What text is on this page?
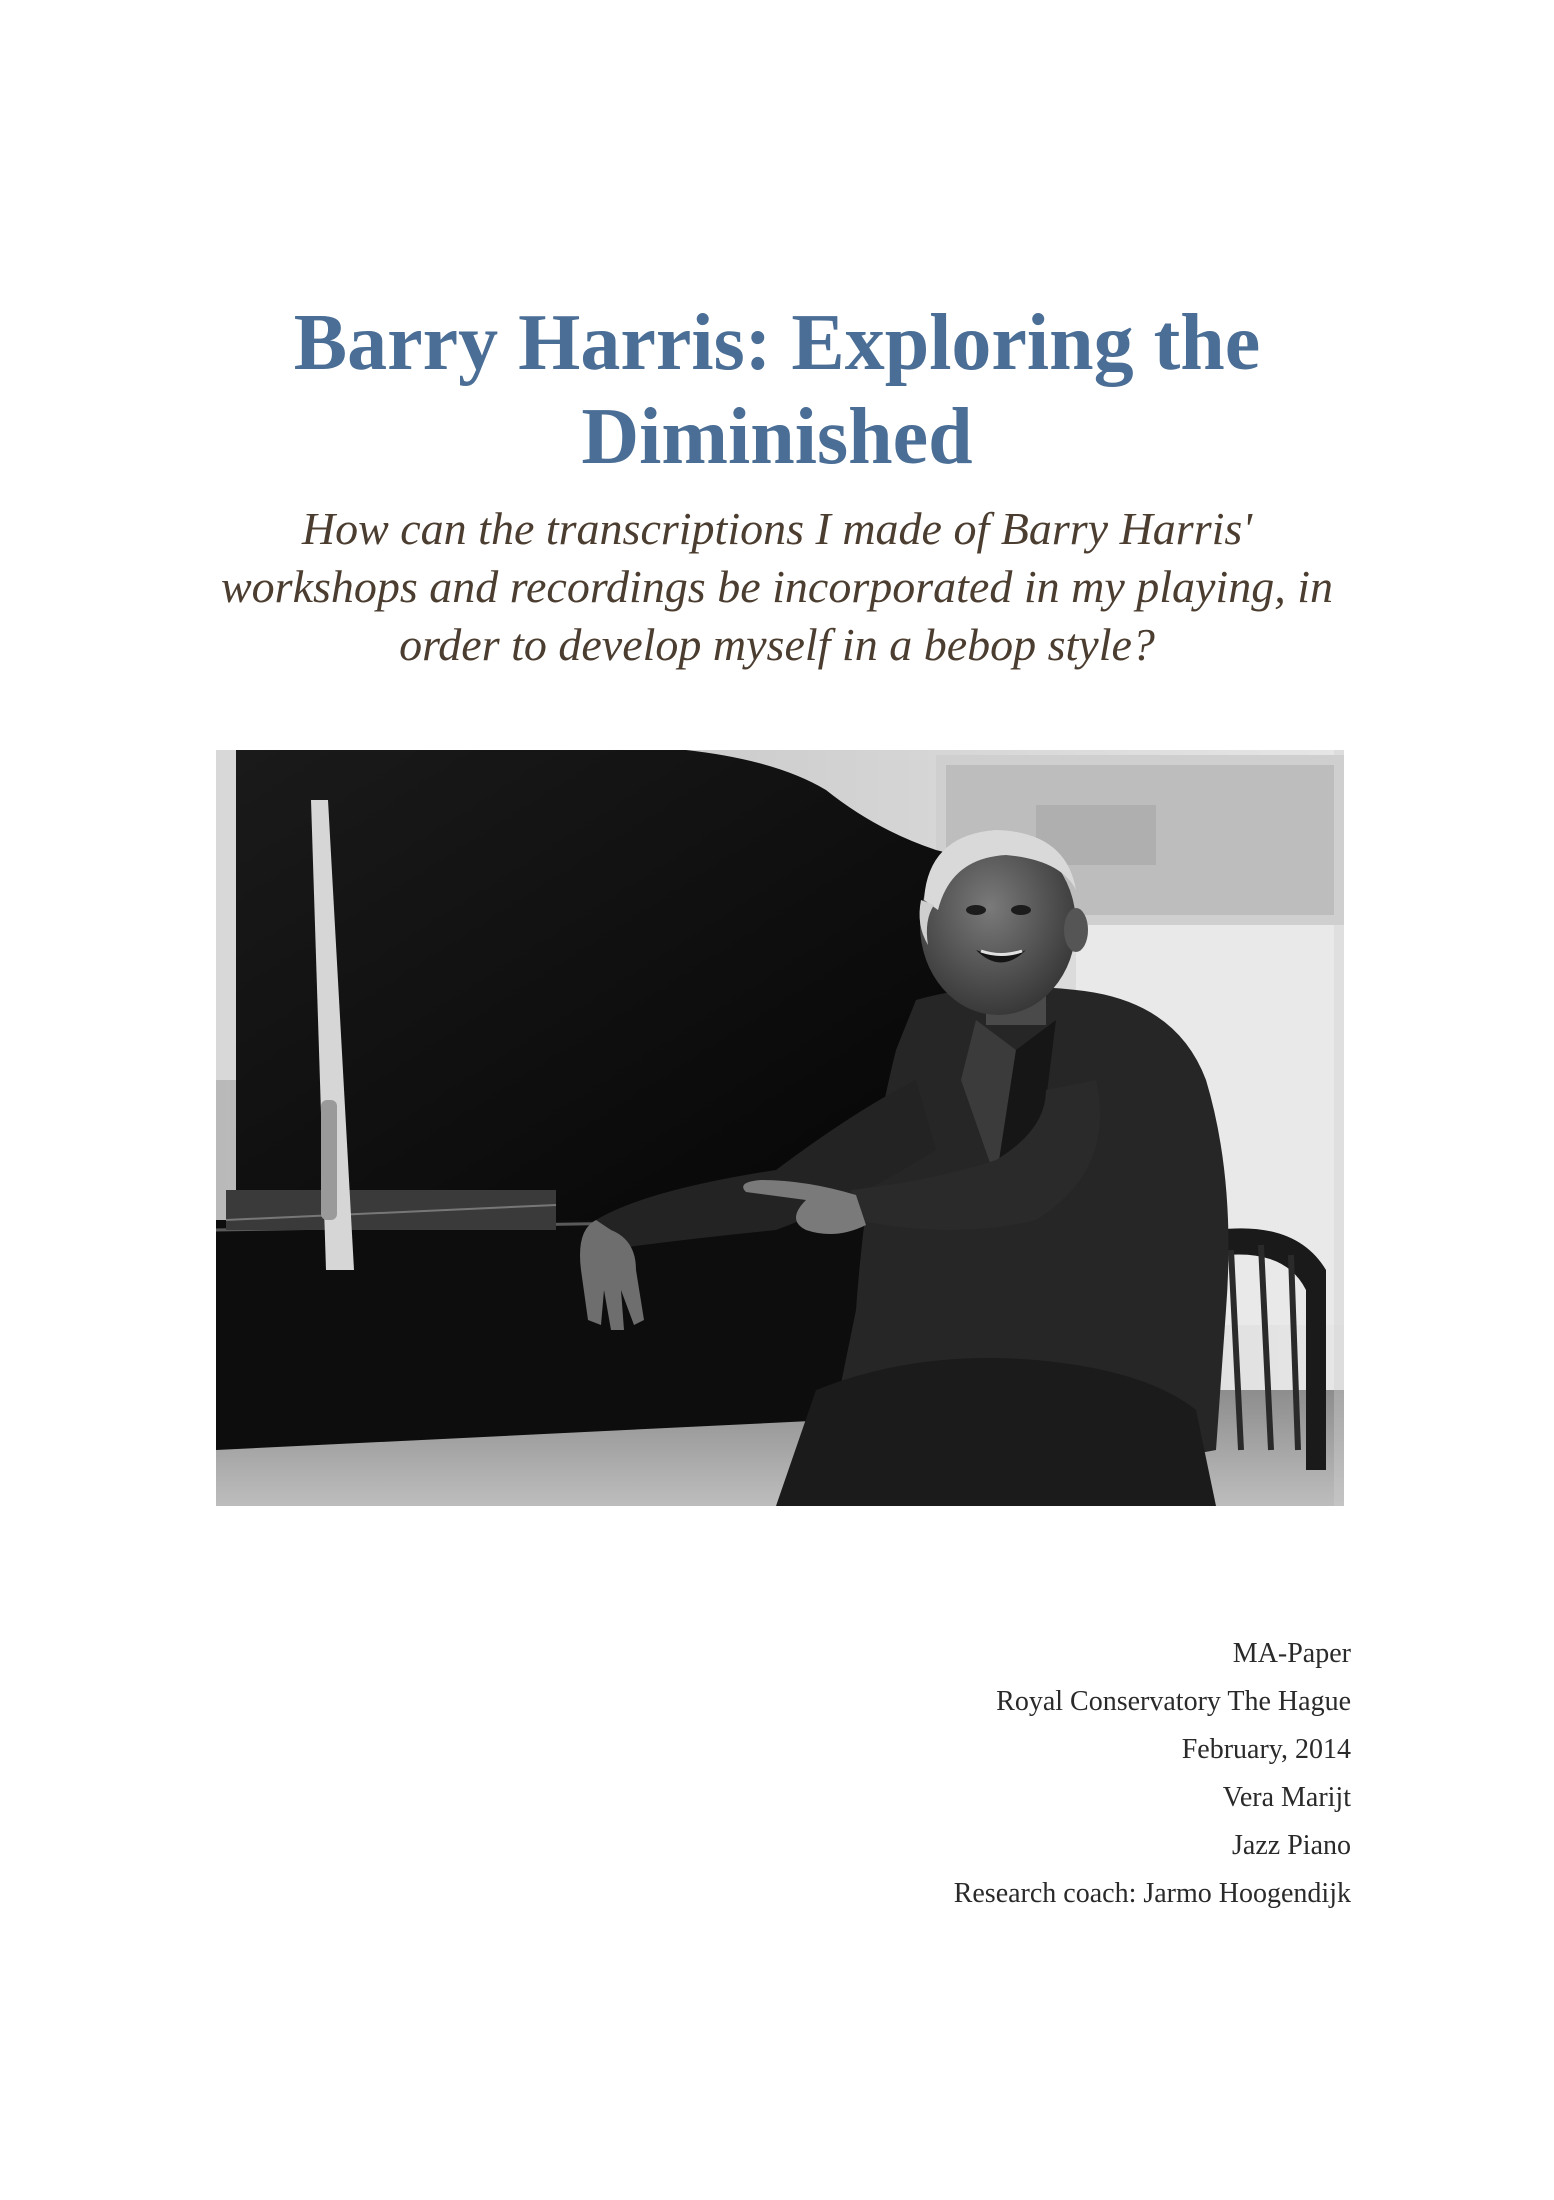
Barry Harris: Exploring the Diminished

How can the transcriptions I made of Barry Harris' workshops and recordings be incorporated in my playing, in order to develop myself in a bebop style?

MA-Paper
Royal Conservatory The Hague
February, 2014
Vera Marijt
Jazz Piano
Research coach: Jarmo Hoogendijk
